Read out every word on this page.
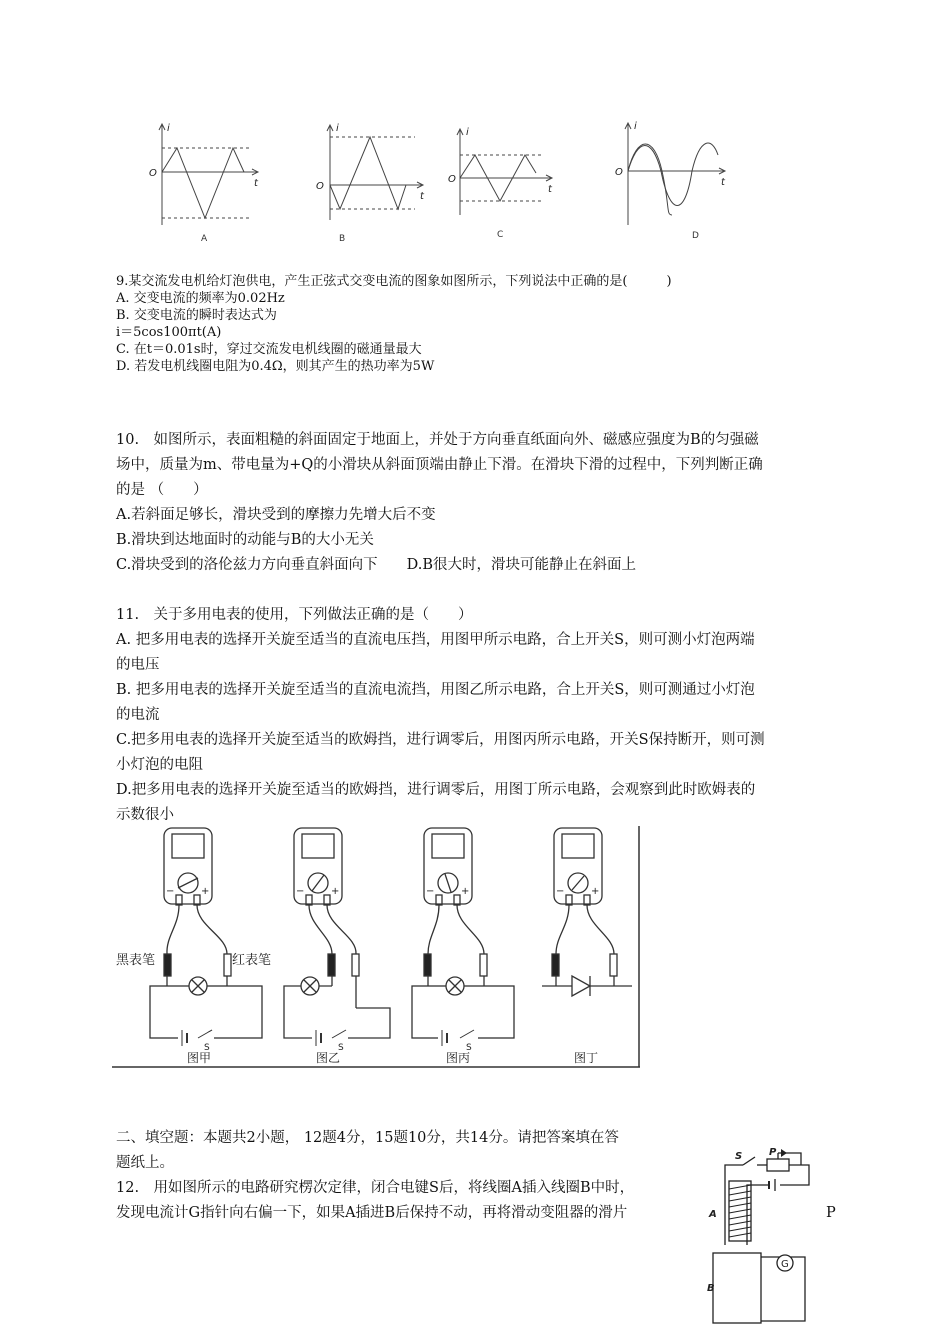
i
O
t
i
O
t
i
O
t
i
O
t
A	B	C	D
9.某交流发电机给灯泡供电，产生正弦式交变电流的图象如图所示，下列说法中正确的是(　　　)
A. 交变电流的频率为0.02Hz
B. 交变电流的瞬时表达式为
i＝5cos100πt(A)
C. 在t＝0.01s时，穿过交流发电机线圈的磁通量最大
D. 若发电机线圈电阻为0.4Ω，则其产生的热功率为5W
10.　如图所示，表面粗糙的斜面固定于地面上，并处于方向垂直纸面向外、磁感应强度为B的匀强磁
场中，质量为m、带电量为+Q的小滑块从斜面顶端由静止下滑。在滑块下滑的过程中，下列判断正确
的是 （　　）
A.若斜面足够长，滑块受到的摩擦力先增大后不变
B.滑块到达地面时的动能与B的大小无关
C.滑块受到的洛伦兹力方向垂直斜面向下　　D.B很大时，滑块可能静止在斜面上
11.　关于多用电表的使用，下列做法正确的是（　　）
A. 把多用电表的选择开关旋至适当的直流电压挡，用图甲所示电路，合上开关S，则可测小灯泡两端
的电压
B. 把多用电表的选择开关旋至适当的直流电流挡，用图乙所示电路，合上开关S，则可测通过小灯泡
的电流
C.把多用电表的选择开关旋至适当的欧姆挡，进行调零后，用图丙所示电路，开关S保持断开，则可测
小灯泡的电阻
D.把多用电表的选择开关旋至适当的欧姆挡，进行调零后，用图丁所示电路，会观察到此时欧姆表的
示数很小
−	+	−	+	−	+	−	+
黑表笔	红表笔
S	S	S
图甲	图乙	图丙	图丁
二、填空题：本题共2小题， 12题4分，15题10分，共14分。请把答案填在答
题纸上。
12.　用如图所示的电路研究楞次定律，闭合电键S后，将线圈A插入线圈B中时，
发现电流计G指针向右偏一下，如果A插进B后保持不动，再将滑动变阻器的滑片	P
S	P
A
B
G
